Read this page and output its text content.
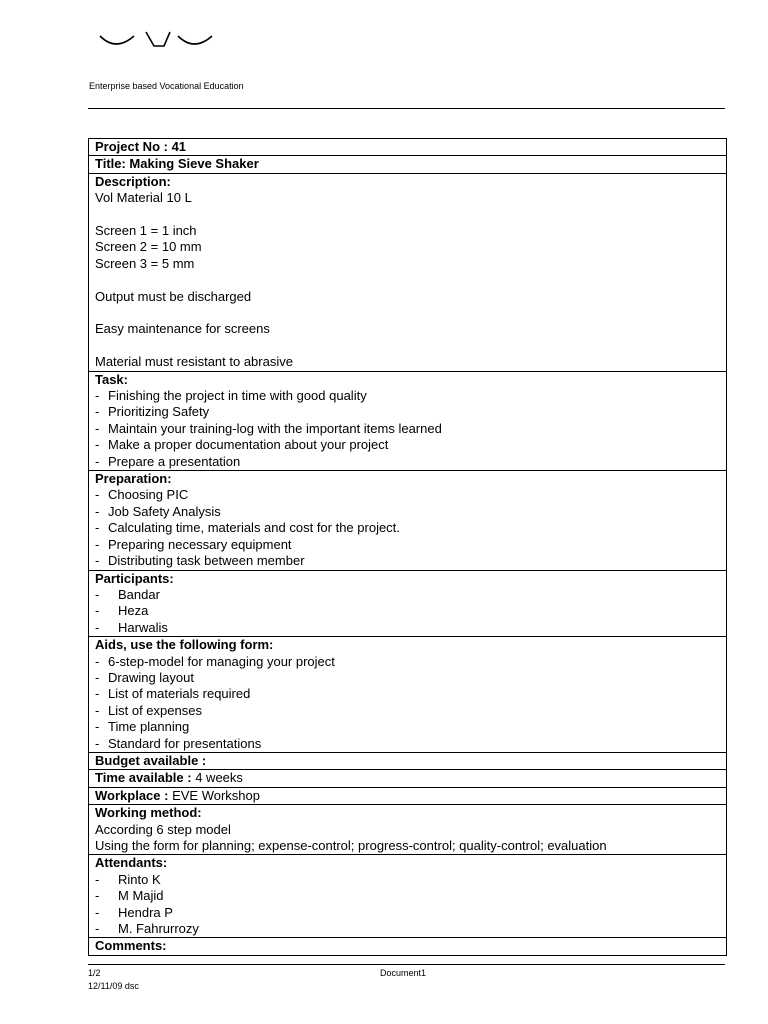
Enterprise based Vocational Education
Project No : 41
Title: Making Sieve Shaker

Description:
Vol Material 10 L
Screen 1 = 1 inch
Screen 2 = 10 mm
Screen 3 = 5 mm
Output must be discharged
Easy maintenance for screens
Material must resistant to abrasive

Task:
- Finishing the project in time with good quality
- Prioritizing Safety
- Maintain your training-log with the important items learned
- Make a proper documentation about your project
- Prepare a presentation

Preparation:
- Choosing PIC
- Job Safety Analysis
- Calculating time, materials and cost for the project.
- Preparing necessary equipment
- Distributing task between member

Participants:
- Bandar
- Heza
- Harwalis

Aids, use the following form:
- 6-step-model for managing your project
- Drawing layout
- List of materials required
- List of expenses
- Time planning
- Standard for presentations

Budget available :
Time available : 4 weeks
Workplace : EVE Workshop

Working method:
According 6 step model
Using the form for planning; expense-control; progress-control; quality-control; evaluation

Attendants:
- Rinto K
- M Majid
- Hendra P
- M. Fahrurrozy

Comments:
1/2	Document1
12/11/09 dsc
